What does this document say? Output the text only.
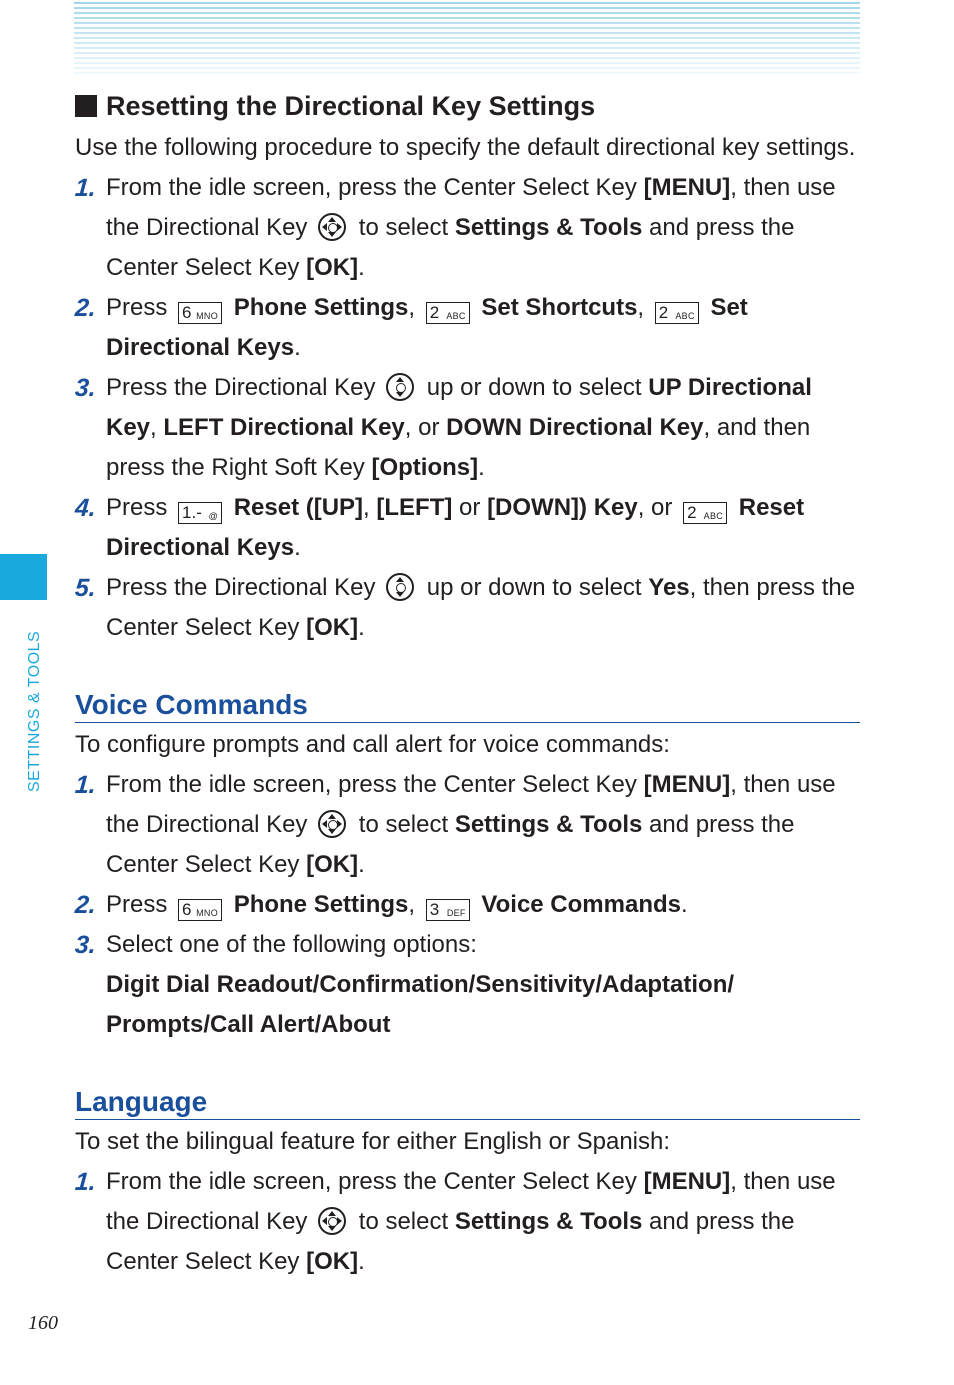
SETTINGS & TOOLS
160
Resetting the Directional Key Settings
Use the following procedure to specify the default directional key settings.
1. From the idle screen, press the Center Select Key [MENU], then use the Directional Key
to select Settings & Tools and press the Center Select Key [OK].
2. Press 6 MNO Phone Settings, 2 ABC Set Shortcuts, 2 ABC Set Directional Keys.
3. Press the Directional Key
up or down to select UP Directional Key, LEFT Directional Key, or DOWN Directional Key, and then press the Right Soft Key [Options].
4. Press 1.- @ Reset ([UP], [LEFT] or [DOWN]) Key, or 2 ABC Reset Directional Keys.
5. Press the Directional Key
up or down to select Yes, then press the Center Select Key [OK].
Voice Commands
To configure prompts and call alert for voice commands:
1. From the idle screen, press the Center Select Key [MENU], then use the Directional Key
to select Settings & Tools and press the Center Select Key [OK].
2. Press 6 MNO Phone Settings, 3 DEF Voice Commands.
3. Select one of the following options:
Digit Dial Readout/Confirmation/Sensitivity/Adaptation/ Prompts/Call Alert/About
Language
To set the bilingual feature for either English or Spanish:
1. From the idle screen, press the Center Select Key [MENU], then use the Directional Key
to select Settings & Tools and press the Center Select Key [OK].
